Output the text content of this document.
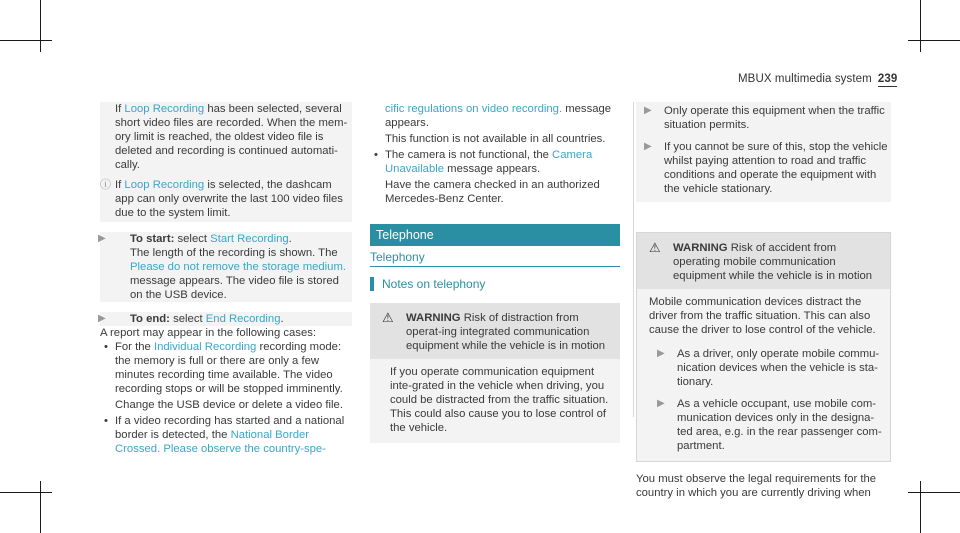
MBUX multimedia system 239

If Loop Recording has been selected, several short video files are recorded. When the mem-ory limit is reached, the oldest video file is deleted and recording is continued automati-cally.

ⓘ If Loop Recording is selected, the dashcam app can only overwrite the last 100 video files due to the system limit.
▶	To start: select Start Recording.

The length of the recording is shown. The Please do not remove the storage medium. message appears. The video file is stored on the USB device.

▶	To end: select End Recording.

A report may appear in the following cases:

• For the Individual Recording recording mode: the memory is full or there are only a few minutes recording time available. The video recording stops or will be stopped imminently.

Change the USB device or delete a video file.

• If a video recording has started and a national border is detected, the National Border Crossed. Please observe the country-spe-

cific regulations on video recording. message appears.

This function is not available in all countries.

• The camera is not functional, the Camera Unavailable message appears.

Have the camera checked in an authorized Mercedes-Benz Center.

Telephone
Telephony
Notes on telephony
⚠ WARNING Risk of distraction from operat-ing integrated communication equipment while the vehicle is in motion
If you operate communication equipment inte-grated in the vehicle when driving, you could be distracted from the traffic situation. This could also cause you to lose control of the vehicle.
▶ Only operate this equipment when the traffic situation permits.

▶ If you cannot be sure of this, stop the vehicle whilst paying attention to road and traffic conditions and operate the equipment with the vehicle stationary.

⚠ WARNING Risk of accident from operating mobile communication equipment while the vehicle is in motion

Mobile communication devices distract the driver from the traffic situation. This can also cause the driver to lose control of the vehicle.

▶ As a driver, only operate mobile commu-nication devices when the vehicle is sta-tionary.

▶ As a vehicle occupant, use mobile com-munication devices only in the designa-ted area, e.g. in the rear passenger com-partment.

You must observe the legal requirements for the country in which you are currently driving when
